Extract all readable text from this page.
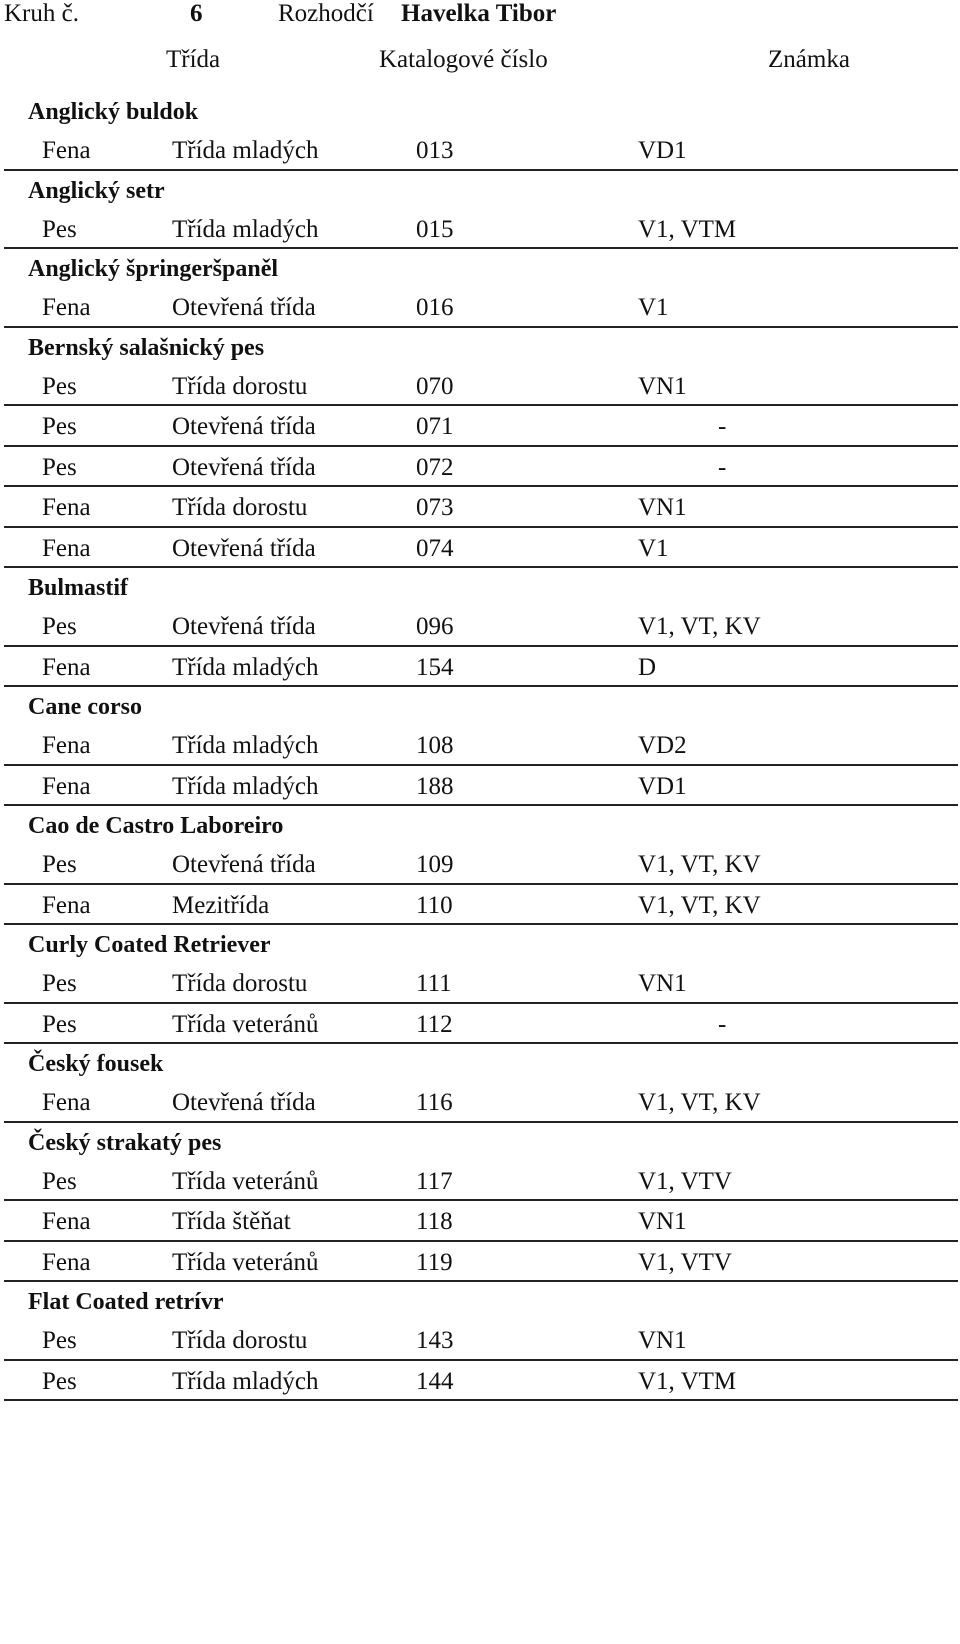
Kruh č.	6	Rozhodčí Havelka Tibor
Třída	Katalogové číslo	Známka
Anglický buldok
Fena	Třída mladých	013	VD1
Anglický setr
Pes	Třída mladých	015	V1, VTM
Anglický špringeršpaněl
Fena	Otevřená třída	016	V1
Bernský salašnický pes
Pes	Třída dorostu	070	VN1
Pes	Otevřená třída	071	-
Pes	Otevřená třída	072	-
Fena	Třída dorostu	073	VN1
Fena	Otevřená třída	074	V1
Bulmastif
Pes	Otevřená třída	096	V1, VT, KV
Fena	Třída mladých	154	D
Cane corso
Fena	Třída mladých	108	VD2
Fena	Třída mladých	188	VD1
Cao de Castro Laboreiro
Pes	Otevřená třída	109	V1, VT, KV
Fena	Mezitřída	110	V1, VT, KV
Curly Coated Retriever
Pes	Třída dorostu	111	VN1
Pes	Třída veteránů	112	-
Český fousek
Fena	Otevřená třída	116	V1, VT, KV
Český strakatý pes
Pes	Třída veteránů	117	V1, VTV
Fena	Třída štěňat	118	VN1
Fena	Třída veteránů	119	V1, VTV
Flat Coated retrívr
Pes	Třída dorostu	143	VN1
Pes	Třída mladých	144	V1, VTM
